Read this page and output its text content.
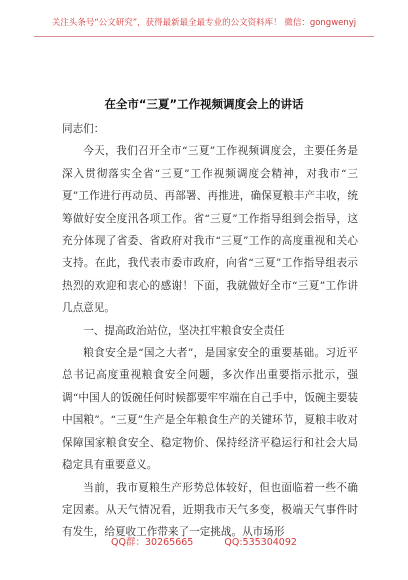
关注头条号“公文研究”，获得最新最全最专业的公文资料库！ 微信：gongwenyj
在全市“三夏”工作视频调度会上的讲话

同志们：

今天，我们召开全市“三夏”工作视频调度会，主要任务是深入贯彻落实全省“三夏”工作视频调度会精神，对我市“三夏”工作进行再动员、再部署、再推进，确保夏粮丰产丰收，统筹做好安全度汛各项工作。省“三夏”工作指导组到会指导，这充分体现了省委、省政府对我市“三夏”工作的高度重视和关心支持。在此，我代表市委市政府，向省“三夏”工作指导组表示热烈的欢迎和衷心的感谢！下面，我就做好全市“三夏”工作讲几点意见。

一、提高政治站位，坚决扛牢粮食安全责任

粮食安全是“国之大者”，是国家安全的重要基础。习近平总书记高度重视粮食安全问题，多次作出重要指示批示，强调“中国人的饭碗任何时候都要牢牢端在自己手中，饭碗主要装中国粮”。“三夏”生产是全年粮食生产的关键环节，夏粮丰收对保障国家粮食安全、稳定物价、保持经济平稳运行和社会大局稳定具有重要意义。

当前，我市夏粮生产形势总体较好，但也面临着一些不确定因素。从天气情况看，近期我市天气多变，极端天气事件时有发生，给夏收工作带来了一定挑战。从市场形

QQ群：30265665	QQ:535304092
